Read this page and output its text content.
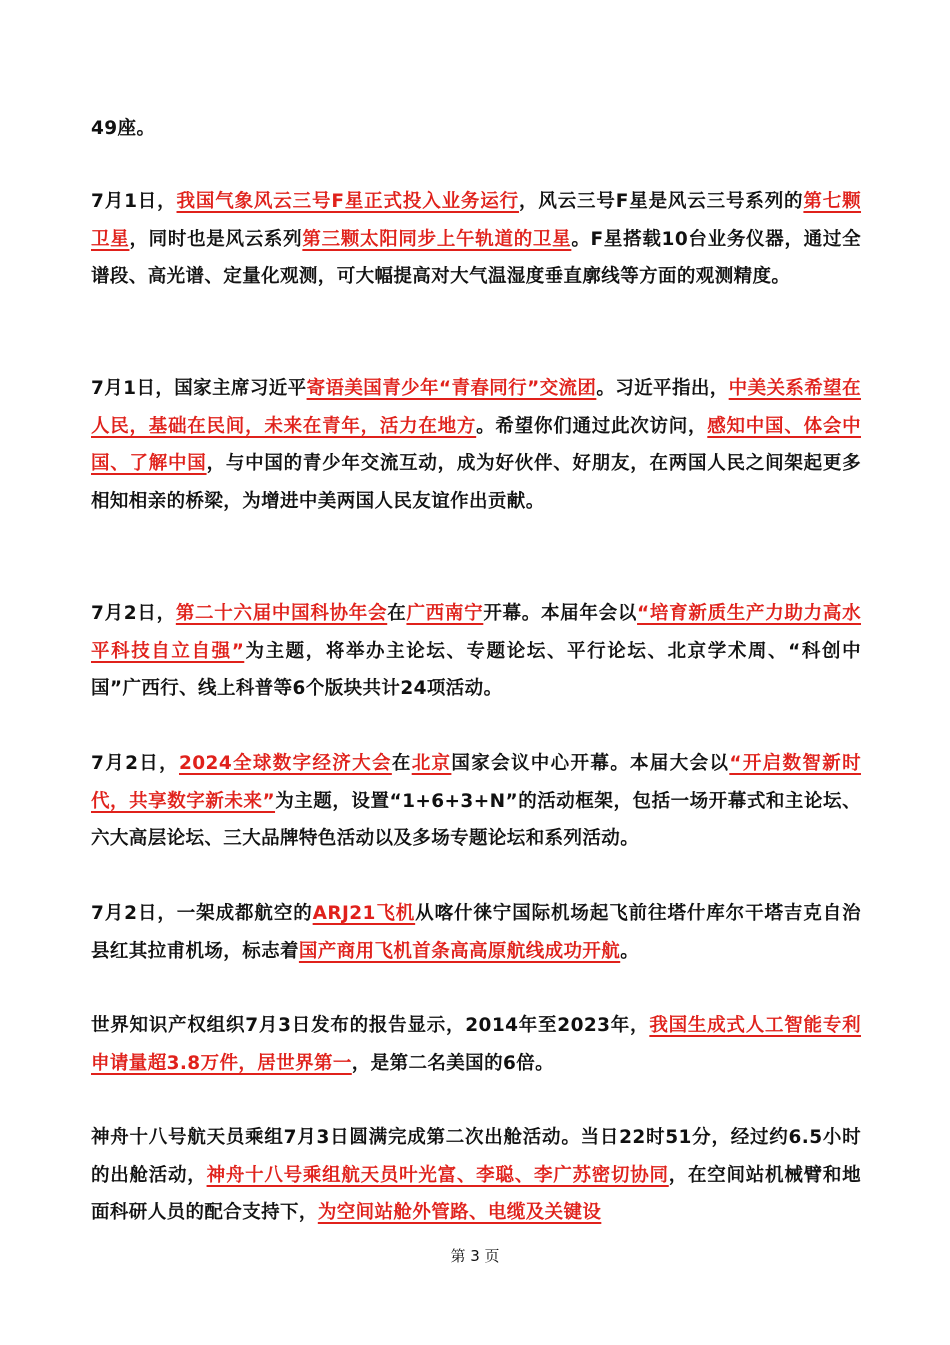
49座。

7月1日，我国气象风云三号F星正式投入业务运行，风云三号F星是风云三号系列的第七颗卫星，同时也是风云系列第三颗太阳同步上午轨道的卫星。F星搭载10台业务仪器，通过全谱段、高光谱、定量化观测，可大幅提高对大气温湿度垂直廓线等方面的观测精度。

7月1日，国家主席习近平寄语美国青少年“青春同行”交流团。习近平指出，中美关系希望在人民，基础在民间，未来在青年，活力在地方。希望你们通过此次访问，感知中国、体会中国、了解中国，与中国的青少年交流互动，成为好伙伴、好朋友，在两国人民之间架起更多相知相亲的桥梁，为增进中美两国人民友谊作出贡献。

7月2日，第二十六届中国科协年会在广西南宁开幕。本届年会以“培育新质生产力助力高水平科技自立自强”为主题，将举办主论坛、专题论坛、平行论坛、北京学术周、“科创中国”广西行、线上科普等6个版块共计24项活动。

7月2日，2024全球数字经济大会在北京国家会议中心开幕。本届大会以“开启数智新时代，共享数字新未来”为主题，设置“1+6+3+N”的活动框架，包括一场开幕式和主论坛、六大高层论坛、三大品牌特色活动以及多场专题论坛和系列活动。

7月2日，一架成都航空的ARJ21飞机从喀什徕宁国际机场起飞前往塔什库尔干塔吉克自治县红其拉甫机场，标志着国产商用飞机首条高高原航线成功开航。

世界知识产权组织7月3日发布的报告显示，2014年至2023年，我国生成式人工智能专利申请量超3.8万件，居世界第一，是第二名美国的6倍。

神舟十八号航天员乘组7月3日圆满完成第二次出舱活动。当日22时51分，经过约6.5小时的出舱活动，神舟十八号乘组航天员叶光富、李聪、李广苏密切协同，在空间站机械臂和地面科研人员的配合支持下，为空间站舱外管路、电缆及关键设

第 3 页
